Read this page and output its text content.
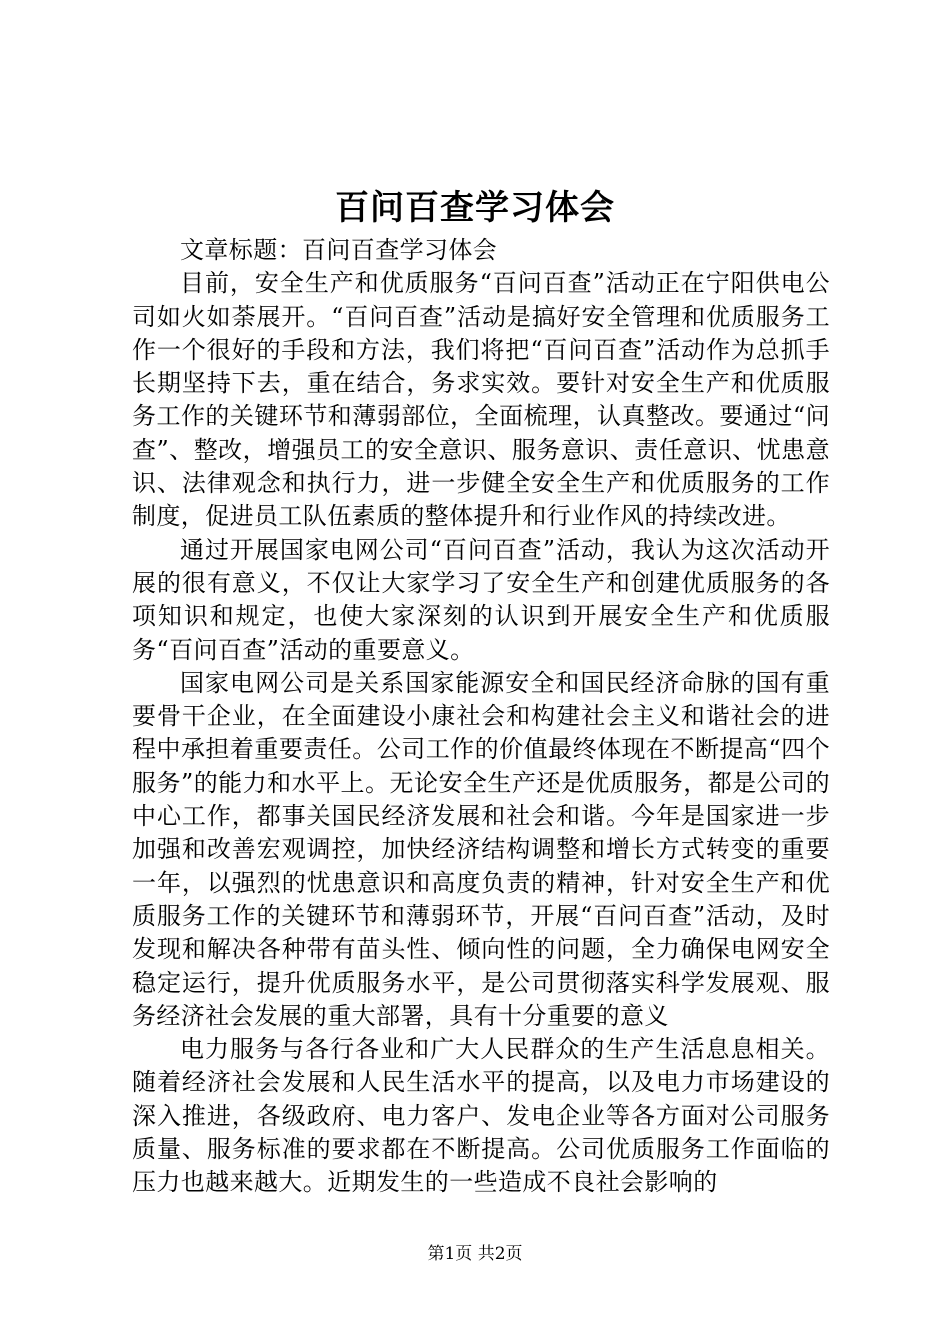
百问百查学习体会

文章标题：百问百查学习体会

目前，安全生产和优质服务“百问百查”活动正在宁阳供电公司如火如荼展开。“百问百查”活动是搞好安全管理和优质服务工作一个很好的手段和方法，我们将把“百问百查”活动作为总抓手长期坚持下去，重在结合，务求实效。要针对安全生产和优质服务工作的关键环节和薄弱部位，全面梳理，认真整改。要通过“问查”、整改，增强员工的安全意识、服务意识、责任意识、忧患意识、法律观念和执行力，进一步健全安全生产和优质服务的工作制度，促进员工队伍素质的整体提升和行业作风的持续改进。

通过开展国家电网公司“百问百查”活动，我认为这次活动开展的很有意义，不仅让大家学习了安全生产和创建优质服务的各项知识和规定，也使大家深刻的认识到开展安全生产和优质服务“百问百查”活动的重要意义。

国家电网公司是关系国家能源安全和国民经济命脉的国有重要骨干企业，在全面建设小康社会和构建社会主义和谐社会的进程中承担着重要责任。公司工作的价值最终体现在不断提高“四个服务”的能力和水平上。无论安全生产还是优质服务，都是公司的中心工作，都事关国民经济发展和社会和谐。今年是国家进一步加强和改善宏观调控，加快经济结构调整和增长方式转变的重要一年，以强烈的忧患意识和高度负责的精神，针对安全生产和优质服务工作的关键环节和薄弱环节，开展“百问百查”活动，及时发现和解决各种带有苗头性、倾向性的问题，全力确保电网安全稳定运行，提升优质服务水平，是公司贯彻落实科学发展观、服务经济社会发展的重大部署，具有十分重要的意义

电力服务与各行各业和广大人民群众的生产生活息息相关。随着经济社会发展和人民生活水平的提高，以及电力市场建设的深入推进，各级政府、电力客户、发电企业等各方面对公司服务质量、服务标准的要求都在不断提高。公司优质服务工作面临的压力也越来越大。近期发生的一些造成不良社会影响的

第1页 共2页
